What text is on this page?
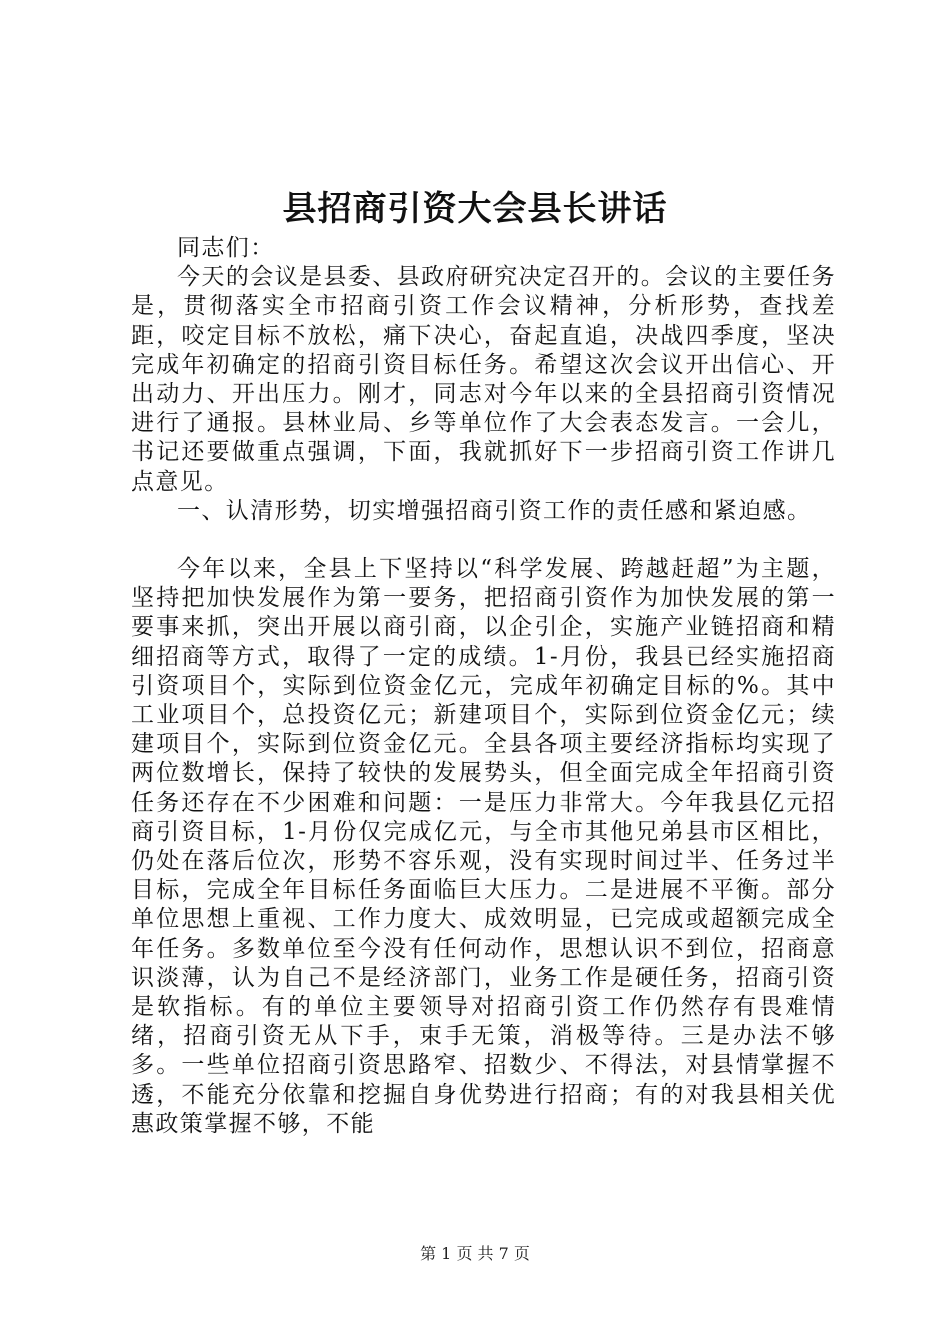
县招商引资大会县长讲话

同志们：

今天的会议是县委、县政府研究决定召开的。会议的主要任务是，贯彻落实全市招商引资工作会议精神，分析形势，查找差距，咬定目标不放松，痛下决心，奋起直追，决战四季度，坚决完成年初确定的招商引资目标任务。希望这次会议开出信心、开出动力、开出压力。刚才，同志对今年以来的全县招商引资情况进行了通报。县林业局、乡等单位作了大会表态发言。一会儿，书记还要做重点强调，下面，我就抓好下一步招商引资工作讲几点意见。

一、认清形势，切实增强招商引资工作的责任感和紧迫感。

今年以来，全县上下坚持以“科学发展、跨越赶超”为主题，坚持把加快发展作为第一要务，把招商引资作为加快发展的第一要事来抓，突出开展以商引商，以企引企，实施产业链招商和精细招商等方式，取得了一定的成绩。1-月份，我县已经实施招商引资项目个，实际到位资金亿元，完成年初确定目标的%。其中工业项目个，总投资亿元；新建项目个，实际到位资金亿元；续建项目个，实际到位资金亿元。全县各项主要经济指标均实现了两位数增长，保持了较快的发展势头，但全面完成全年招商引资任务还存在不少困难和问题：一是压力非常大。今年我县亿元招商引资目标，1-月份仅完成亿元，与全市其他兄弟县市区相比，仍处在落后位次，形势不容乐观，没有实现时间过半、任务过半目标，完成全年目标任务面临巨大压力。二是进展不平衡。部分单位思想上重视、工作力度大、成效明显，已完成或超额完成全年任务。多数单位至今没有任何动作，思想认识不到位，招商意识淡薄，认为自己不是经济部门，业务工作是硬任务，招商引资是软指标。有的单位主要领导对招商引资工作仍然存有畏难情绪，招商引资无从下手，束手无策，消极等待。三是办法不够多。一些单位招商引资思路窄、招数少、不得法，对县情掌握不透，不能充分依靠和挖掘自身优势进行招商；有的对我县相关优惠政策掌握不够，不能

第 1 页 共 7 页
